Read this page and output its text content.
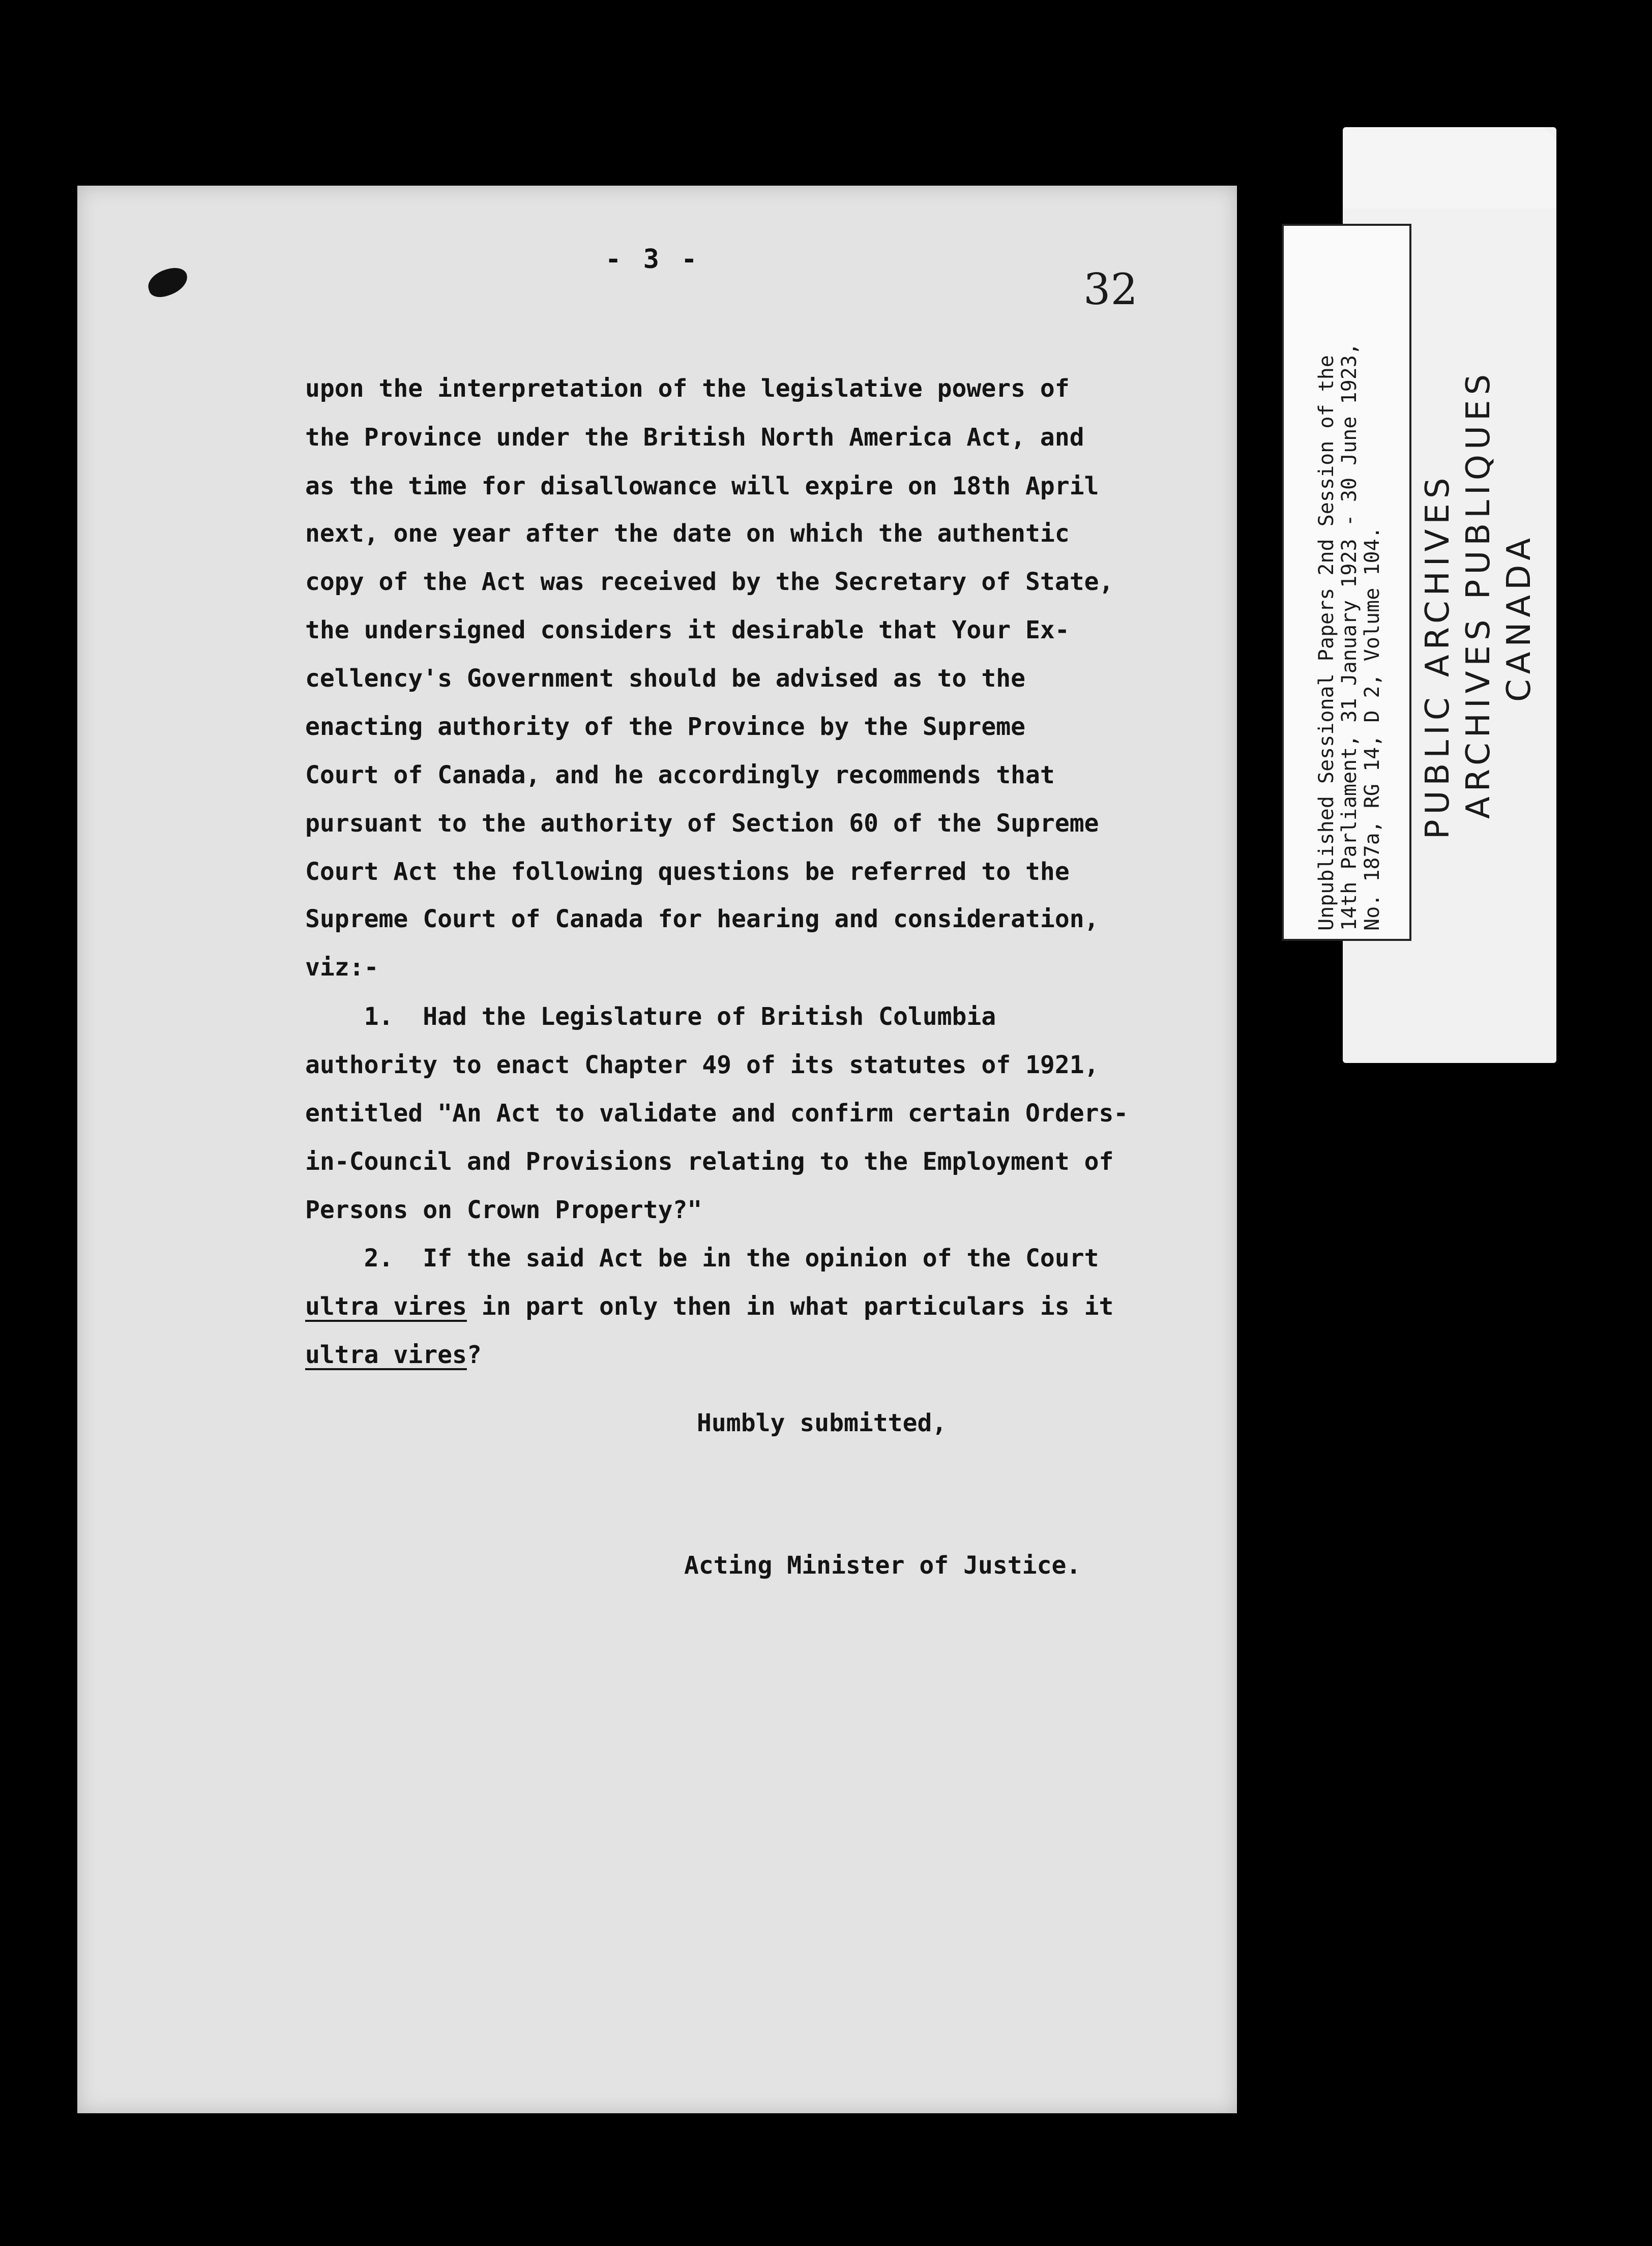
- 3 -
32
upon the interpretation of the legislative powers of
the Province under the British North America Act, and
as the time for disallowance will expire on 18th April
next, one year after the date on which the authentic
copy of the Act was received by the Secretary of State,
the undersigned considers it desirable that Your Ex-
cellency's Government should be advised as to the
enacting authority of the Province by the Supreme
Court of Canada, and he accordingly recommends that
pursuant to the authority of Section 60 of the Supreme
Court Act the following questions be referred to the
Supreme Court of Canada for hearing and consideration,
viz:-
1.  Had the Legislature of British Columbia
authority to enact Chapter 49 of its statutes of 1921,
entitled "An Act to validate and confirm certain Orders-
in-Council and Provisions relating to the Employment of
Persons on Crown Property?"
2.  If the said Act be in the opinion of the Court
ultra vires in part only then in what particulars is it
ultra vires?
Humbly submitted,
Acting Minister of Justice.
Unpublished Sessional Papers 2nd Session of the 14th Parliament, 31 January 1923 - 30 June 1923, No. 187a, RG 14, D 2, Volume 104. PUBLIC ARCHIVES ARCHIVES PUBLIQUES CANADA
